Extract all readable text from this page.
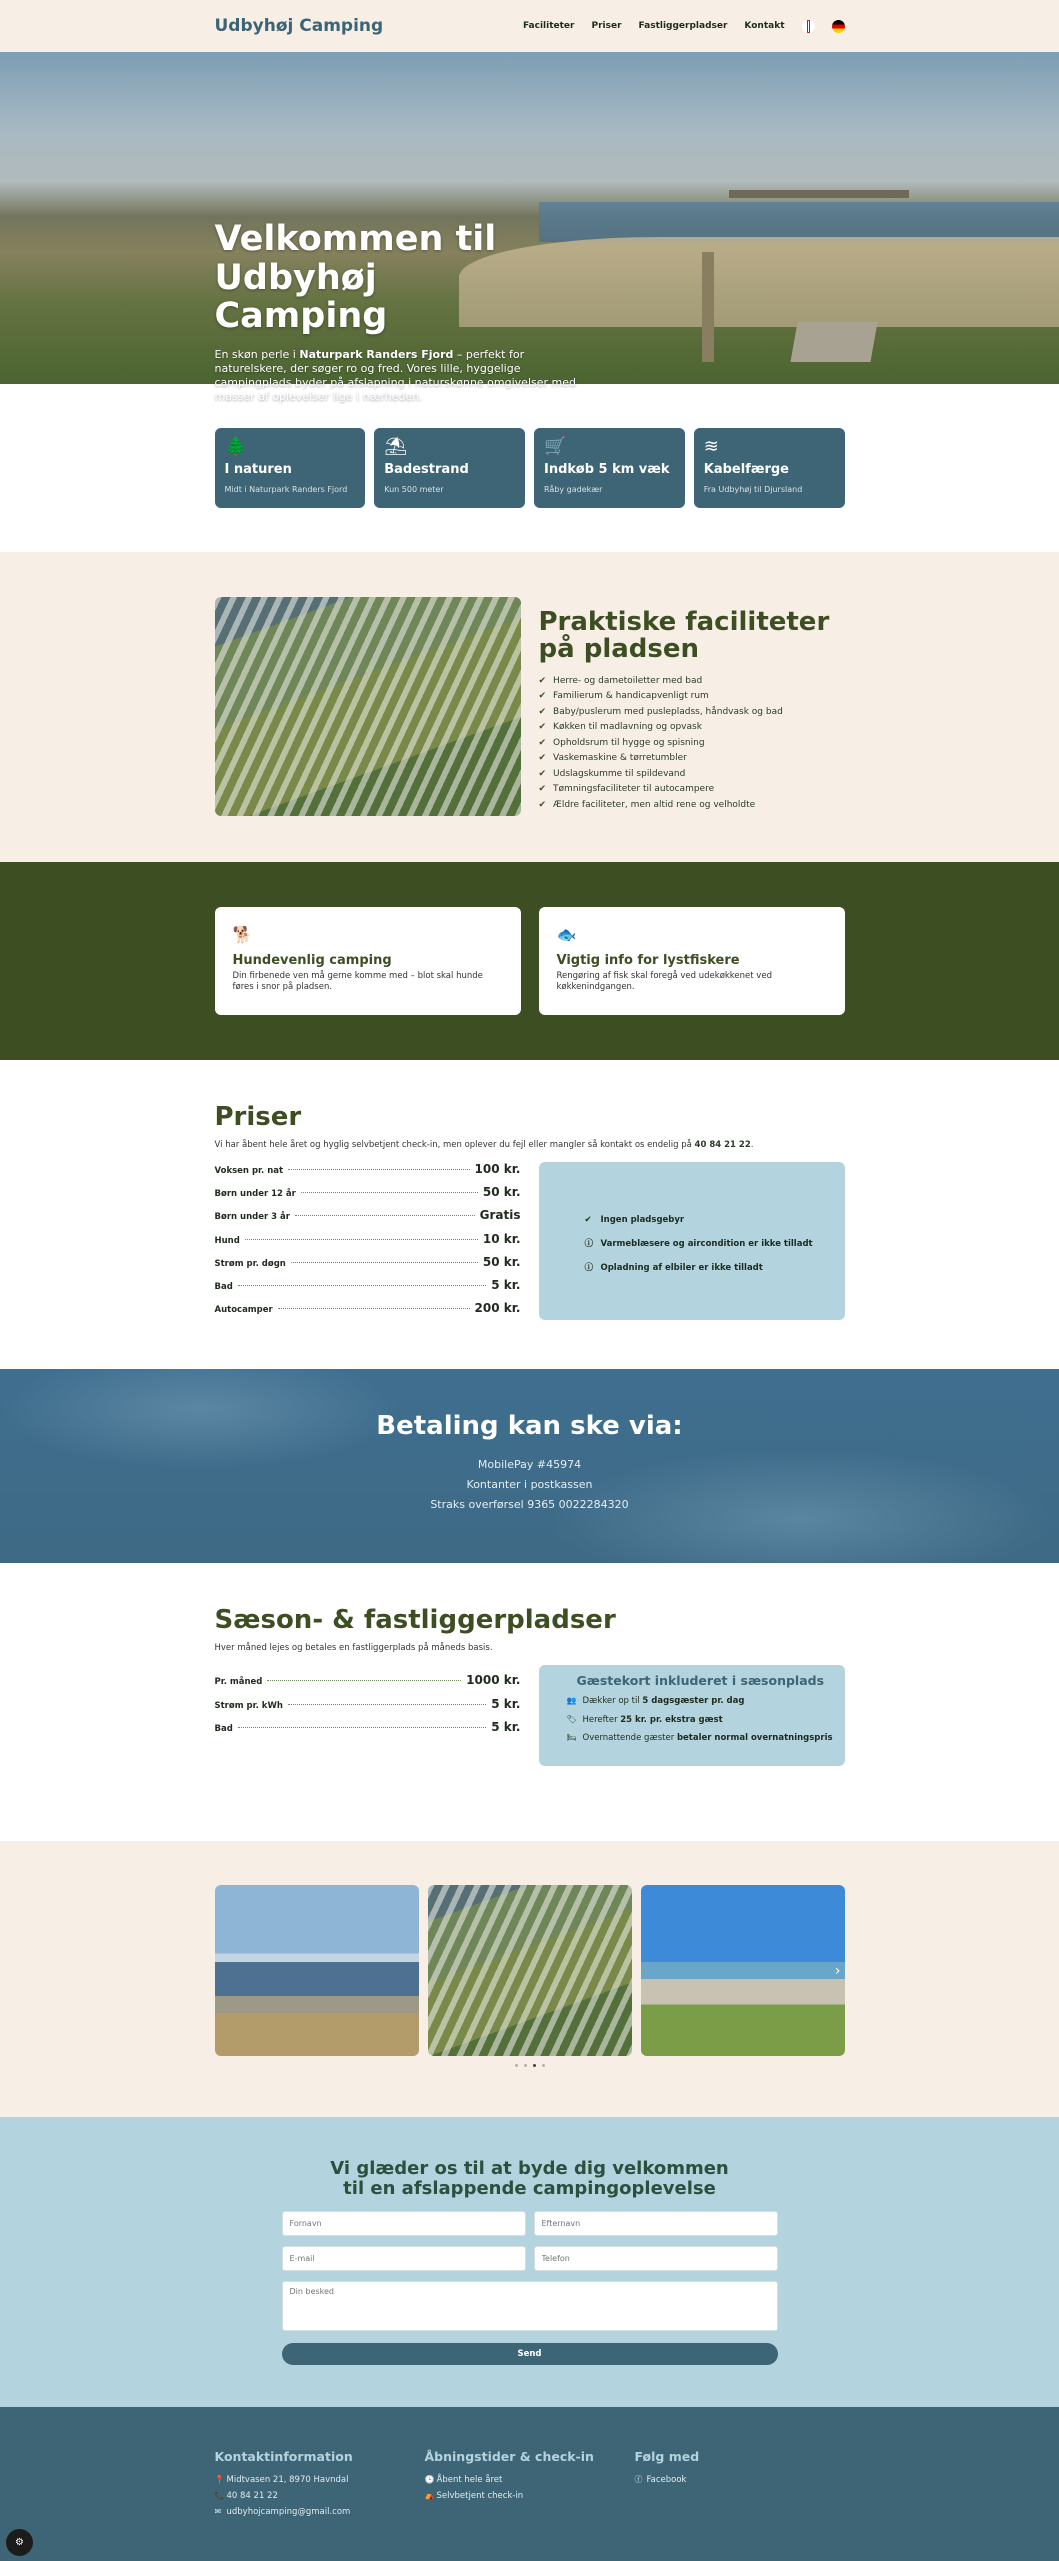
Udbyhøj Camping	Faciliteter Priser Fastliggerpladser Kontakt
Velkommen til Udbyhøj Camping

En skøn perle i Naturpark Randers Fjord – perfekt for naturelskere, der søger ro og fred. Vores lille, hyggelige campingplads byder på afslapning i naturskønne omgivelser med masser af oplevelser lige i nærheden.

🌲
I naturen
Midt i Naturpark Randers Fjord
⛱
Badestrand
Kun 500 meter
🛒
Indkøb 5 km væk
Råby gadekær
≋
Kabelfærge
Fra Udbyhøj til Djursland
Praktiske faciliteter på pladsen
✔ Herre- og dametoiletter med bad
✔ Familierum & handicapvenligt rum
✔ Baby/puslerum med puslepladss, håndvask og bad
✔ Køkken til madlavning og opvask
✔ Opholdsrum til hygge og spisning
✔ Vaskemaskine & tørretumbler
✔ Udslagskumme til spildevand
✔ Tømningsfaciliteter til autocampere
✔ Ældre faciliteter, men altid rene og velholdte
🐕
Hundevenlig camping

Din firbenede ven må gerne komme med – blot skal hunde føres i snor på pladsen.

🐟
Vigtig info for lystfiskere

Rengøring af fisk skal foregå ved udekøkkenet ved køkkenindgangen.

Priser

Vi har åbent hele året og hyglig selvbetjent check-in, men oplever du fejl eller mangler så kontakt os endelig på 40 84 21 22.

Voksen pr. nat	100 kr.
Børn under 12 år	50 kr.
Børn under 3 år	Gratis
Hund	10 kr.
Strøm pr. døgn	50 kr.
Bad	5 kr.
Autocamper	200 kr.
✔ Ingen pladsgebyr
ⓘ Varmeblæsere og aircondition er ikke tilladt
ⓘ Opladning af elbiler er ikke tilladt
Betaling kan ske via:

MobilePay #45974

Kontanter i postkassen

Straks overførsel 9365 0022284320

Sæson- & fastliggerpladser

Hver måned lejes og betales en fastliggerplads på måneds basis.

Pr. måned	1000 kr.
Strøm pr. kWh	5 kr.
Bad	5 kr.
Gæstekort inkluderet i sæsonplads
👥 Dækker op til 5 dagsgæster pr. dag
🏷 Herefter 25 kr. pr. ekstra gæst
🛏 Overnattende gæster betaler normal overnatningspris
›
Vi glæder os til at byde dig velkommen til en afslappende campingoplevelse
Fornavn
Efternavn
E-mail
Telefon
Din besked
Send
Kontaktinformation
📍 Midtvasen 21, 8970 Havndal
📞 40 84 21 22
✉ udbyhojcamping@gmail.com
Åbningstider & check-in
🕒 Åbent hele året
⛺ Selvbetjent check-in
Følg med
ⓕ Facebook
⚙
